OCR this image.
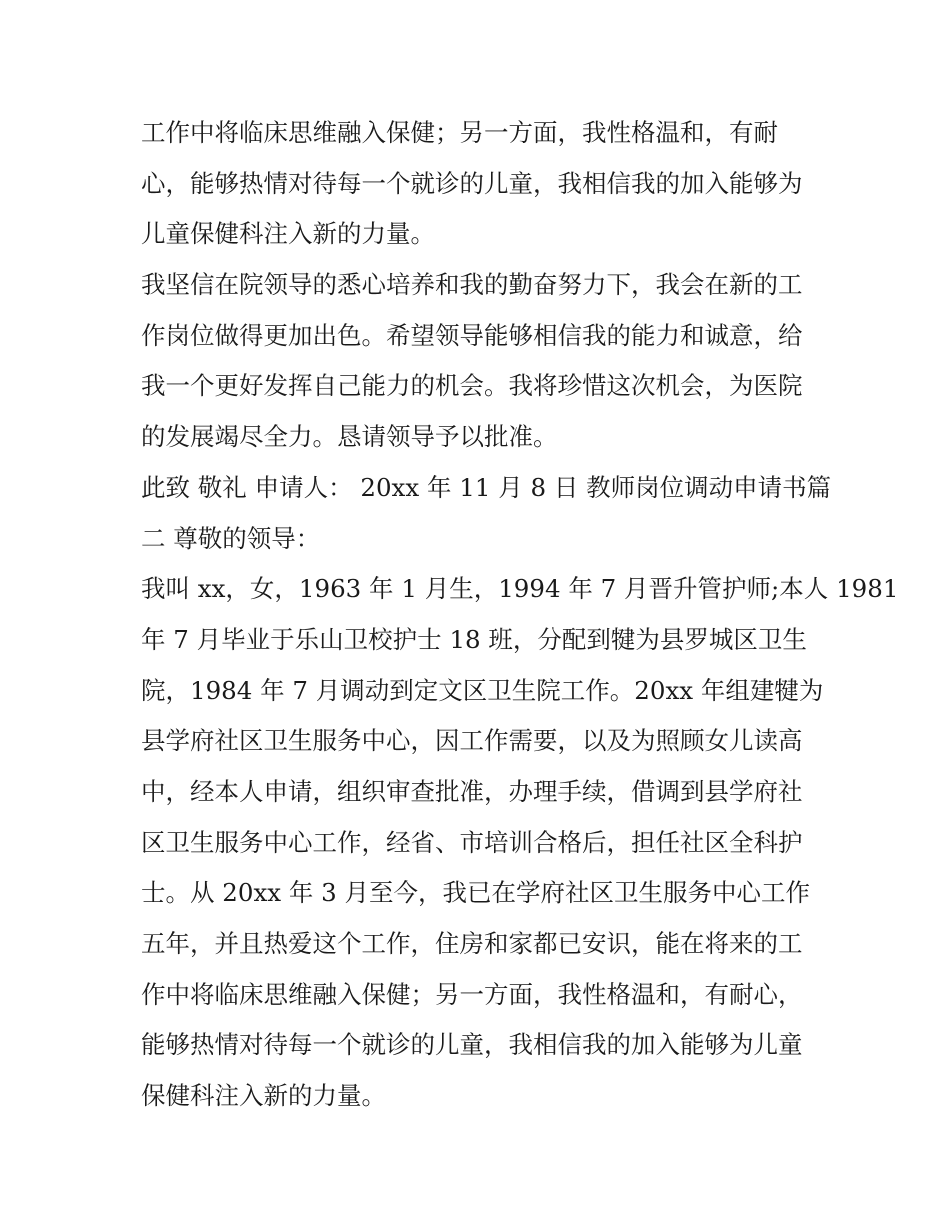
工作中将临床思维融入保健；另一方面，我性格温和，有耐
心，能够热情对待每一个就诊的儿童，我相信我的加入能够为
儿童保健科注入新的力量。
我坚信在院领导的悉心培养和我的勤奋努力下，我会在新的工
作岗位做得更加出色。希望领导能够相信我的能力和诚意，给
我一个更好发挥自己能力的机会。我将珍惜这次机会，为医院
的发展竭尽全力。恳请领导予以批准。
此致 敬礼 申请人： 20xx 年 11 月 8 日 教师岗位调动申请书篇
二 尊敬的领导：
我叫 xx，女，1963 年 1 月生，1994 年 7 月晋升管护师;本人 1981
年 7 月毕业于乐山卫校护士 18 班，分配到犍为县罗城区卫生
院，1984 年 7 月调动到定文区卫生院工作。20xx 年组建犍为
县学府社区卫生服务中心，因工作需要，以及为照顾女儿读高
中，经本人申请，组织审查批准，办理手续，借调到县学府社
区卫生服务中心工作，经省、市培训合格后，担任社区全科护
士。从 20xx 年 3 月至今，我已在学府社区卫生服务中心工作
五年，并且热爱这个工作，住房和家都已安识，能在将来的工
作中将临床思维融入保健；另一方面，我性格温和，有耐心，
能够热情对待每一个就诊的儿童，我相信我的加入能够为儿童
保健科注入新的力量。
